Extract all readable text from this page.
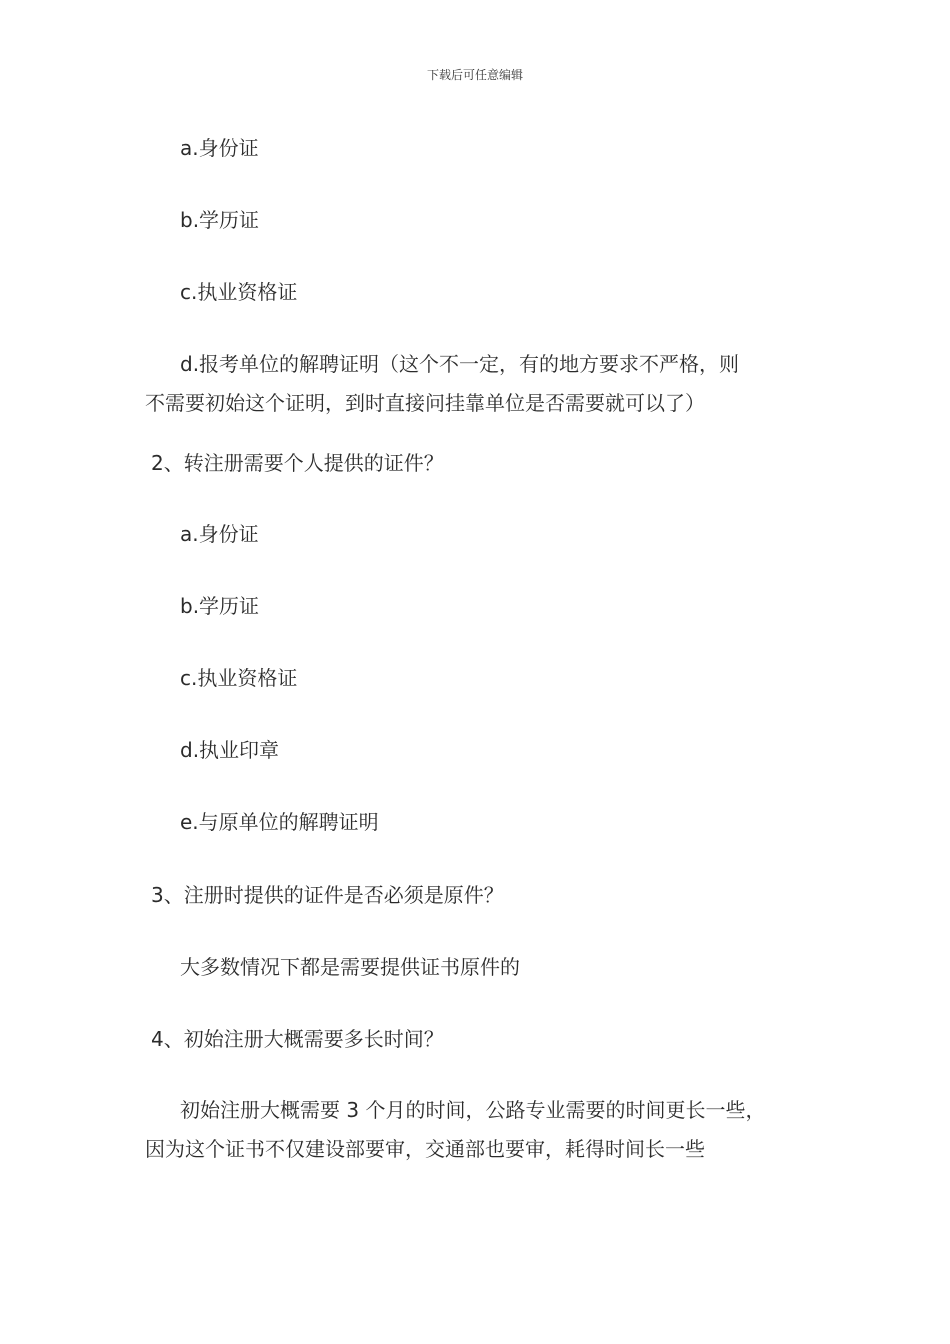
下载后可任意编辑
a.身份证
b.学历证
c.执业资格证
d.报考单位的解聘证明（这个不一定，有的地方要求不严格，则
不需要初始这个证明，到时直接问挂靠单位是否需要就可以了）
2、转注册需要个人提供的证件？
a.身份证
b.学历证
c.执业资格证
d.执业印章
e.与原单位的解聘证明
3、注册时提供的证件是否必须是原件？
大多数情况下都是需要提供证书原件的
4、初始注册大概需要多长时间？
初始注册大概需要 3 个月的时间，公路专业需要的时间更长一些，
因为这个证书不仅建设部要审，交通部也要审，耗得时间长一些
